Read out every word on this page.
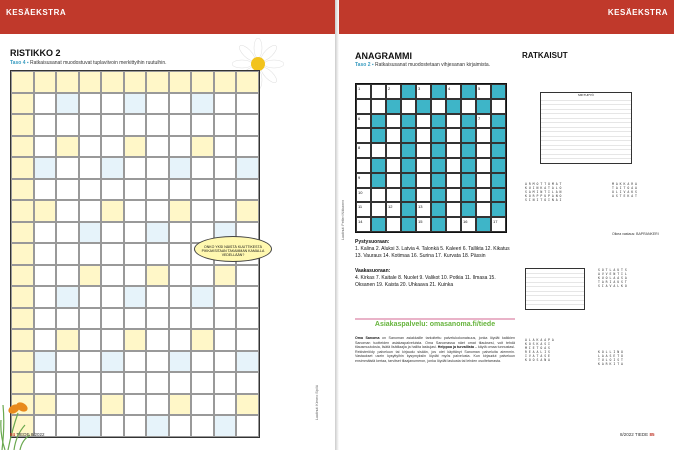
KESÄEKSTRA	KESÄEKSTRA
RISTIKKO 2
Taso 4 ▪ Ratkaisusanat muodostuvat tuplaviivoin merkittyihin ruutuihin.
ONKO YKSI NÄISTÄ KUUTTIKESTÄ PIKKAKSITAAN TAKAMMAN KAMALLA VEDELLÄÄN?
Laatinut: Kimmo Sipilä
84 TIEDE 8/2022
ANAGRAMMI
Taso 2 ▪ Ratkaisusanat muodostetaan vihjesanan kirjaimista.
1	2	3	4	5
6	7
8
9
10
11	12	13
14	15	16	17
Laatinut: Petteri Nikkanen
Pystysuoraan:
1. Kalina 2. Aluksi 3. Latvia 4. Talonkä 5. Kaleeri 6. Tallikta 12. Kikatus 13. Vauraus 14. Kotimaa 16. Surina 17. Kurvata 18. Pässin
Vaakasuoraan:
4. Kirkas 7. Kaitale 8. Nuolet 9. Valikot 10. Potkia 11. Ilmasa 15. Oksanen 19. Kaista 20. Uhkaava 21. Kuinka
Asiakaspalvelu: omasanoma.fi/tiede
Oma Sanoma on Sanoman asiakkaille tarkoitettu palvelukokonaisuus, jonka löydät kaikkien Sanoman tuotteiden asiakaspalveluista. Oma Sanomassa näet omat tilauksesi, voit tehdä tilausmuutoksia, lisätä lisätilaajia ja hallita laskujasi. Helppoa ja turvallista – käytä omaa tunnustasi. Rekisteröidy palveluun tai kirjaudu sisään, jos olet käyttänyt Sanoman palveluita aiemmin. Vastaukset usein kysyttyihin kysymyksiin löydät myös palvelusta. Kun kirjaudut palveluun ensimmäistä kertaa, tarvitset tilaajanumeron, jonka löydät laskusta tai lehden osoitetarrasta.
RATKAISUT
MIKTUPYÖ
A R M O T T O M A T
K U I N K A T A L O
S A M I N T I L A N
K O R P P U P A N O
S I N I T O I N A I
M A K K A R A
T A I T O A A
O L I V A K S
A S T E K A T
Oikea vastaus: BAPRANKERI
S O T L A U T S
A V V E N T I L
K U O L A A S A
T A R I A U S T
S I A V A L K O
A L A K A A P A
K O S K A S I
M I E T O A S
R E A A L I S
I V A T A S E
K O O S A N A
K O L L I N O
L A A S E T O
T U L O I S T
K A R K I T A
8/2022 TIEDE 85
